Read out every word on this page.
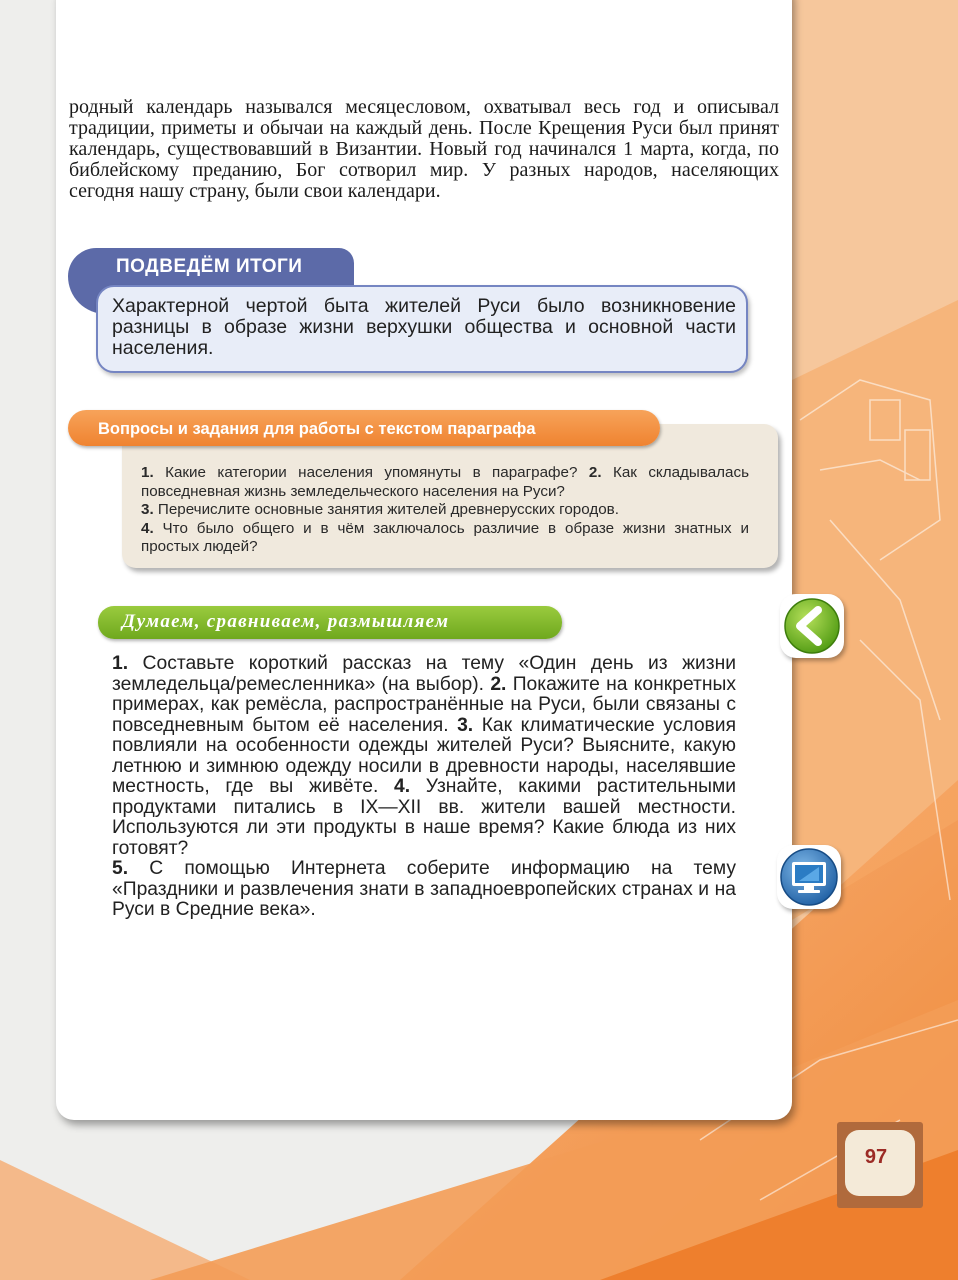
родный календарь назывался месяцесловом, охватывал весь год и описывал традиции, приметы и обычаи на каждый день. После Крещения Руси был принят календарь, существовавший в Византии. Новый год начинался 1 марта, когда, по библейскому преданию, Бог сотворил мир. У разных народов, населяющих сегодня нашу страну, были свои календари.

ПОДВЕДЁМ ИТОГИ

Характерной чертой быта жителей Руси было возникновение разницы в образе жизни верхушки общества и основной части населения.

Вопросы и задания для работы с текстом параграфа

1. Какие категории населения упомянуты в параграфе? 2. Как складывалась повседневная жизнь земледельческого населения на Руси?
3. Перечислите основные занятия жителей древнерусских городов.
4. Что было общего и в чём заключалось различие в образе жизни знатных и простых людей?

Думаем, сравниваем, размышляем

1. Составьте короткий рассказ на тему «Один день из жизни земледельца/ремесленника» (на выбор). 2. Покажите на конкретных примерах, как ремёсла, распространённые на Руси, были связаны с повседневным бытом её населения. 3. Как климатические условия повлияли на особенности одежды жителей Руси? Выясните, какую летнюю и зимнюю одежду носили в древности народы, населявшие местность, где вы живёте. 4. Узнайте, какими растительными продуктами питались в IX—XII вв. жители вашей местности. Используются ли эти продукты в наше время? Какие блюда из них готовят?
5. С помощью Интернета соберите информацию на тему «Праздники и развлечения знати в западноевропейских странах и на Руси в Средние века».

97
